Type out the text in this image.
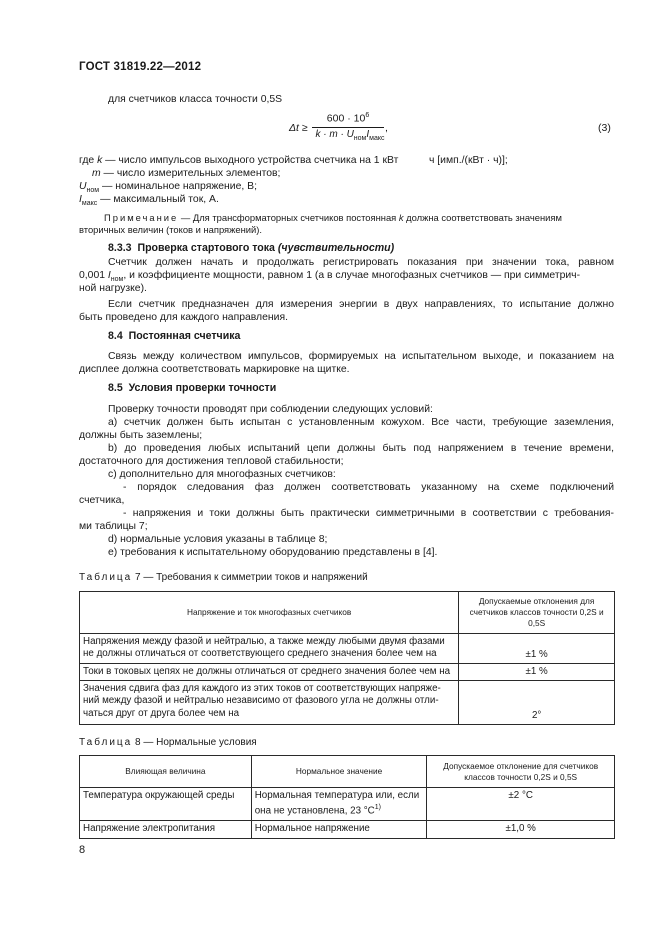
ГОСТ 31819.22—2012
для счетчиков класса точности 0,5S
Δt ≥
$600 \cdot 10^6$
$k \cdot m \cdot U_{ном}I_{макс}$
,	(3)
где k — число импульсов выходного устройства счетчика на 1 кВт	ч [имп./(кВт · ч)];
m — число измерительных элементов;
$U_{ном}$ — номинальное напряжение, В;
$I_{макс}$ — максимальный ток, А.
Примечание — Для трансформаторных счетчиков постоянная k должна соответствовать значениям
вторичных величин (токов и напряжений).
8.3.3 Проверка стартового тока (чувствительности)
Счетчик должен начать и продолжать регистрировать показания при значении тока, равном
0,001 $I_{ном}$, и коэффициенте мощности, равном 1 (а в случае многофазных счетчиков — при симметрич-
ной нагрузке).
Если счетчик предназначен для измерения энергии в двух направлениях, то испытание должно
быть проведено для каждого направления.
8.4 Постоянная счетчика
Связь между количеством импульсов, формируемых на испытательном выходе, и показанием на
дисплее должна соответствовать маркировке на щитке.
8.5 Условия проверки точности
Проверку точности проводят при соблюдении следующих условий:
а) счетчик должен быть испытан с установленным кожухом. Все части, требующие заземления,
должны быть заземлены;
b) до проведения любых испытаний цепи должны быть под напряжением в течение времени,
достаточного для достижения тепловой стабильности;
с) дополнительно для многофазных счетчиков:
- порядок следования фаз должен соответствовать указанному на схеме подключений
счетчика,
- напряжения и токи должны быть практически симметричными в соответствии с требования-
ми таблицы 7;
d) нормальные условия указаны в таблице 8;
e) требования к испытательному оборудованию представлены в [4].
Таблица 7 — Требования к симметрии токов и напряжений
Напряжение и ток многофазных счетчиков	Допускаемые отклонения для счетчиков классов точности 0,2S и 0,5S

Напряжения между фазой и нейтралью, а также между любыми двумя фазами
не должны отличаться от соответствующего среднего значения более чем на	±1 %
Токи в токовых цепях не должны отличаться от среднего значения более чем на	±1 %

Значения сдвига фаз для каждого из этих токов от соответствующих напряже-
ний между фазой и нейтралью независимо от фазового угла не должны отли-
чаться друг от друга более чем на	2°
Таблица 8 — Нормальные условия
Влияющая величина	Нормальное значение	Допускаемое отклонение для счетчиков классов точности 0,2S и 0,5S
Температура окружающей среды	Нормальная температура или, если
она не установлена, 23 $^\circ С^{1)}$	±2 °С
Напряжение электропитания	Нормальное напряжение	±1,0 %
8
